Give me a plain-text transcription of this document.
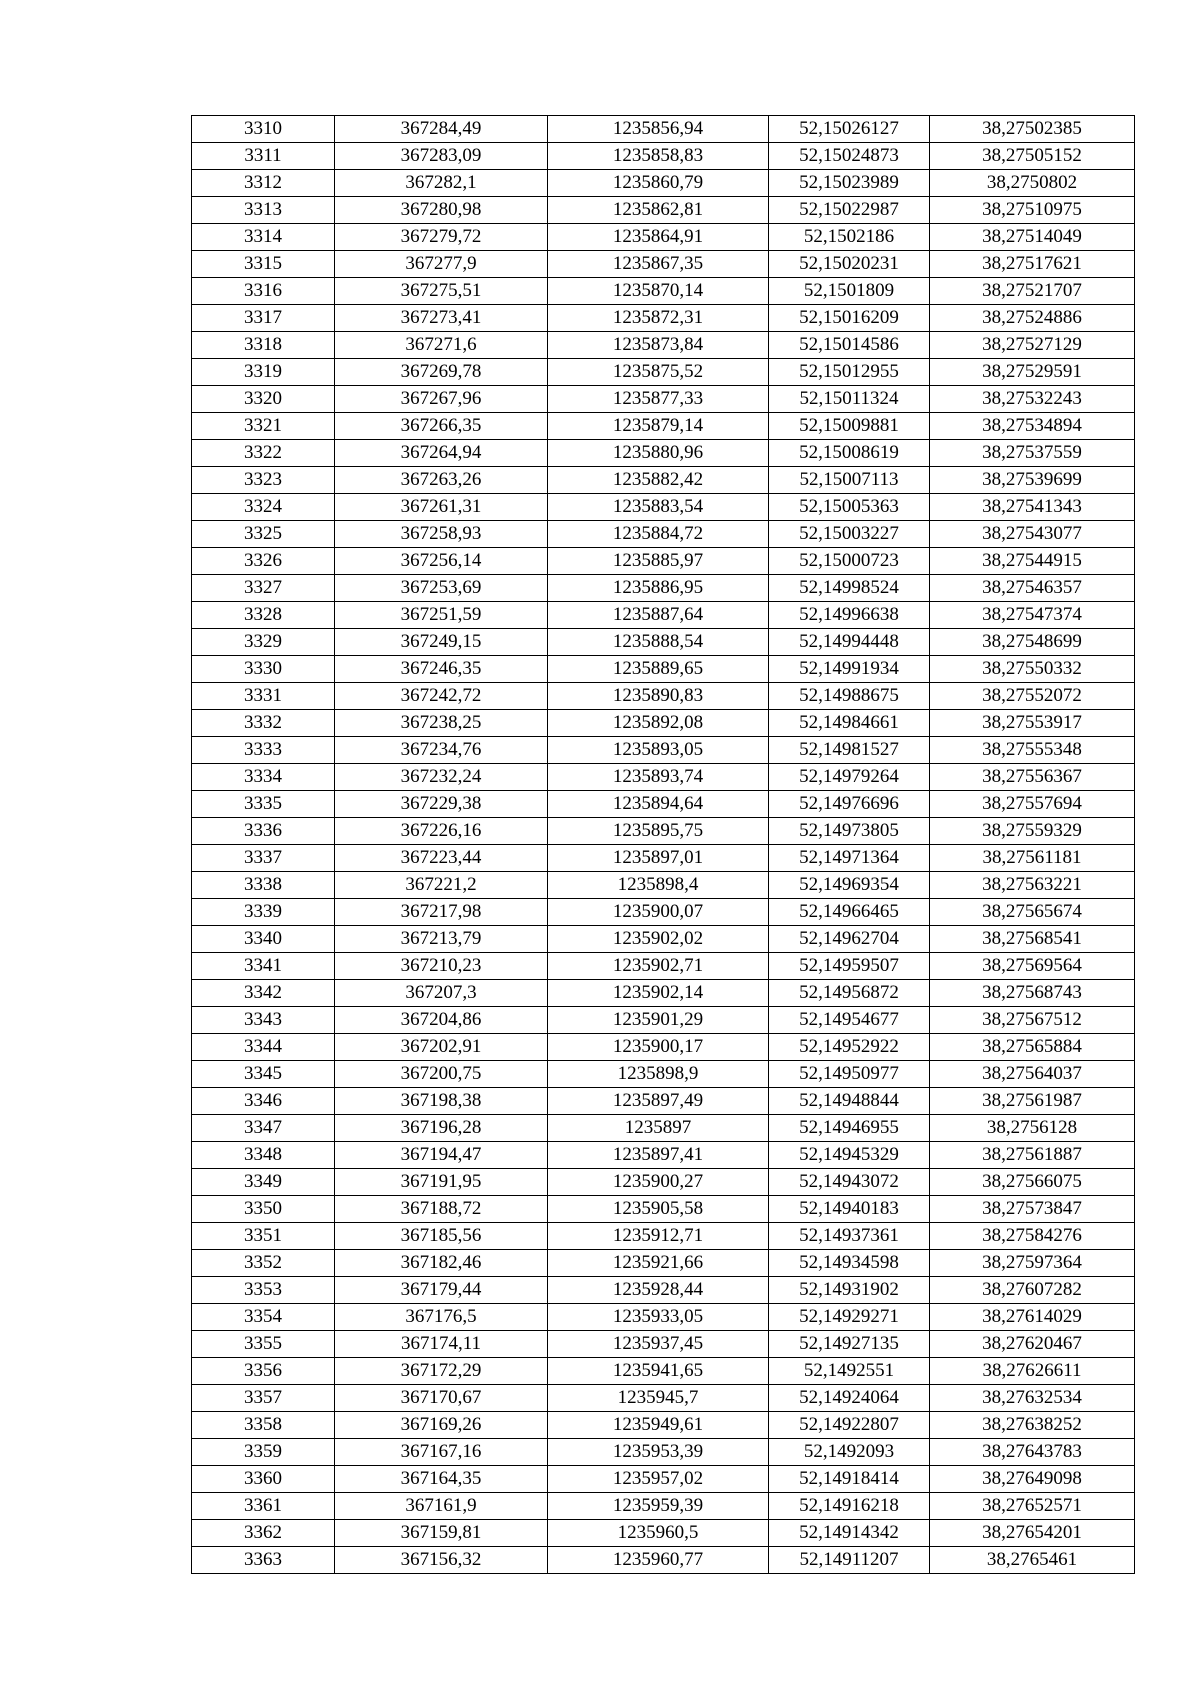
3310	367284,49	1235856,94	52,15026127	38,27502385
3311	367283,09	1235858,83	52,15024873	38,27505152
3312	367282,1	1235860,79	52,15023989	38,2750802
3313	367280,98	1235862,81	52,15022987	38,27510975
3314	367279,72	1235864,91	52,1502186	38,27514049
3315	367277,9	1235867,35	52,15020231	38,27517621
3316	367275,51	1235870,14	52,1501809	38,27521707
3317	367273,41	1235872,31	52,15016209	38,27524886
3318	367271,6	1235873,84	52,15014586	38,27527129
3319	367269,78	1235875,52	52,15012955	38,27529591
3320	367267,96	1235877,33	52,15011324	38,27532243
3321	367266,35	1235879,14	52,15009881	38,27534894
3322	367264,94	1235880,96	52,15008619	38,27537559
3323	367263,26	1235882,42	52,15007113	38,27539699
3324	367261,31	1235883,54	52,15005363	38,27541343
3325	367258,93	1235884,72	52,15003227	38,27543077
3326	367256,14	1235885,97	52,15000723	38,27544915
3327	367253,69	1235886,95	52,14998524	38,27546357
3328	367251,59	1235887,64	52,14996638	38,27547374
3329	367249,15	1235888,54	52,14994448	38,27548699
3330	367246,35	1235889,65	52,14991934	38,27550332
3331	367242,72	1235890,83	52,14988675	38,27552072
3332	367238,25	1235892,08	52,14984661	38,27553917
3333	367234,76	1235893,05	52,14981527	38,27555348
3334	367232,24	1235893,74	52,14979264	38,27556367
3335	367229,38	1235894,64	52,14976696	38,27557694
3336	367226,16	1235895,75	52,14973805	38,27559329
3337	367223,44	1235897,01	52,14971364	38,27561181
3338	367221,2	1235898,4	52,14969354	38,27563221
3339	367217,98	1235900,07	52,14966465	38,27565674
3340	367213,79	1235902,02	52,14962704	38,27568541
3341	367210,23	1235902,71	52,14959507	38,27569564
3342	367207,3	1235902,14	52,14956872	38,27568743
3343	367204,86	1235901,29	52,14954677	38,27567512
3344	367202,91	1235900,17	52,14952922	38,27565884
3345	367200,75	1235898,9	52,14950977	38,27564037
3346	367198,38	1235897,49	52,14948844	38,27561987
3347	367196,28	1235897	52,14946955	38,2756128
3348	367194,47	1235897,41	52,14945329	38,27561887
3349	367191,95	1235900,27	52,14943072	38,27566075
3350	367188,72	1235905,58	52,14940183	38,27573847
3351	367185,56	1235912,71	52,14937361	38,27584276
3352	367182,46	1235921,66	52,14934598	38,27597364
3353	367179,44	1235928,44	52,14931902	38,27607282
3354	367176,5	1235933,05	52,14929271	38,27614029
3355	367174,11	1235937,45	52,14927135	38,27620467
3356	367172,29	1235941,65	52,1492551	38,27626611
3357	367170,67	1235945,7	52,14924064	38,27632534
3358	367169,26	1235949,61	52,14922807	38,27638252
3359	367167,16	1235953,39	52,1492093	38,27643783
3360	367164,35	1235957,02	52,14918414	38,27649098
3361	367161,9	1235959,39	52,14916218	38,27652571
3362	367159,81	1235960,5	52,14914342	38,27654201
3363	367156,32	1235960,77	52,14911207	38,2765461
